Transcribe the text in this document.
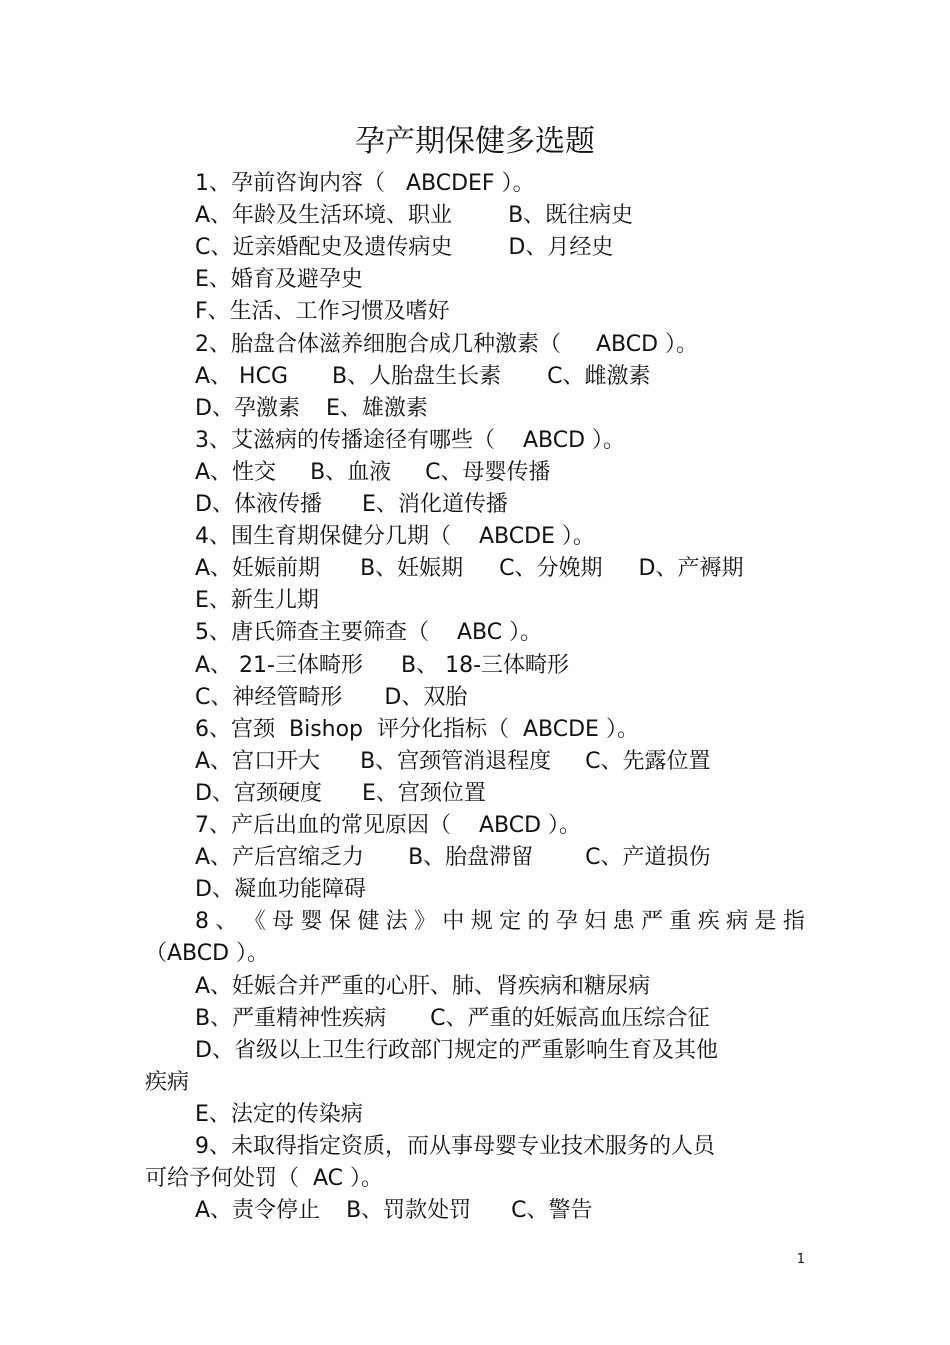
孕产期保健多选题
1、孕前咨询内容（   ABCDEF ）。
A、年龄及生活环境、职业	B、既往病史
C、近亲婚配史及遗传病史	D、月经史
E、婚育及避孕史
F、生活、工作习惯及嗜好
2、胎盘合体滋养细胞合成几种激素（     ABCD ）。
A、 HCG B、人胎盘生长素 C、雌激素
D、孕激素 E、雄激素
3、艾滋病的传播途径有哪些（    ABCD ）。
A、性交 B、血液 C、母婴传播
D、体液传播 E、消化道传播
4、围生育期保健分几期（    ABCDE ）。
A、妊娠前期 B、妊娠期 C、分娩期 D、产褥期
E、新生儿期
5、唐氏筛查主要筛查（    ABC ）。
A、 21-三体畸形 B、 18-三体畸形
C、神经管畸形 D、双胎
6、宫颈  Bishop  评分化指标（  ABCDE ）。
A、宫口开大 B、宫颈管消退程度 C、先露位置
D、宫颈硬度 E、宫颈位置
7、产后出血的常见原因（    ABCD ）。
A、产后宫缩乏力 B、胎盘滞留 C、产道损伤
D、凝血功能障碍
8 、 《 母 婴 保 健 法 》 中 规 定 的 孕 妇 患 严 重 疾 病 是 指
（ABCD ）。
A、妊娠合并严重的心肝、肺、肾疾病和糖尿病
B、严重精神性疾病 C、严重的妊娠高血压综合征
D、省级以上卫生行政部门规定的严重影响生育及其他
疾病
E、法定的传染病
9、未取得指定资质，而从事母婴专业技术服务的人员
可给予何处罚（  AC ）。
A、责令停止 B、罚款处罚 C、警告
1
